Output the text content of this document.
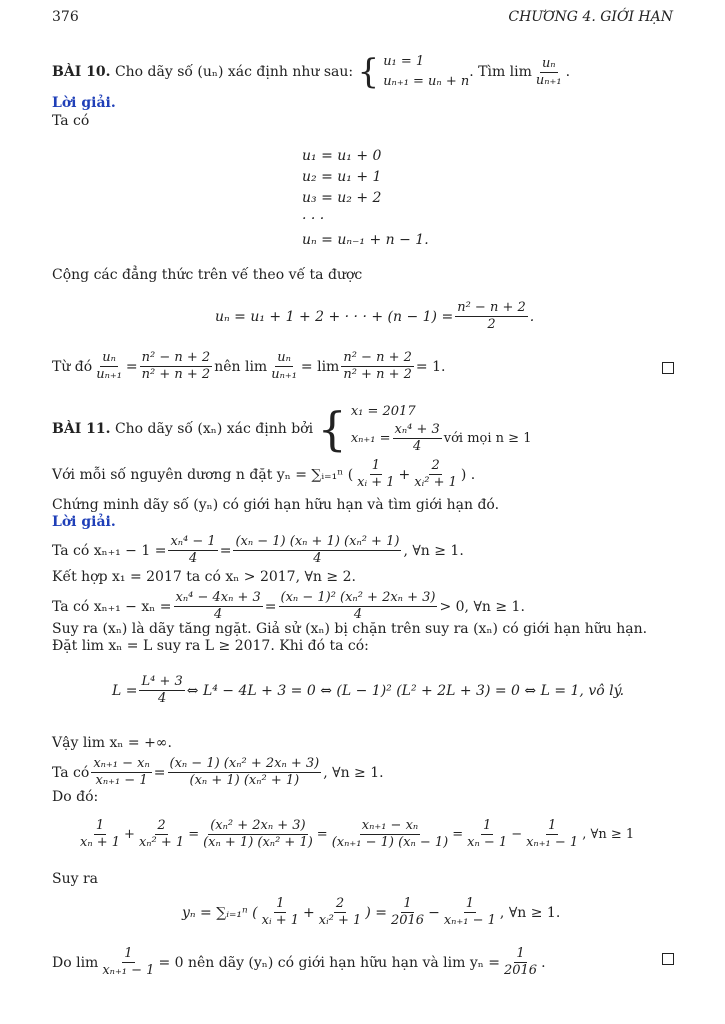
376	CHƯƠNG 4. GIỚI HẠN
BÀI 10.
Cho dãy số (uₙ) xác định như sau:
{ u₁ = 1
uₙ₊₁ = uₙ + n
. Tìm $\lim \frac{\text{uₙ}}{\text{uₙ₊₁}}$ .
Lời giải.
Ta có
u₁ = u₁ + 0
u₂ = u₁ + 1
u₃ = u₂ + 2
· · ·
uₙ = uₙ₋₁ + n − 1.
Cộng các đẳng thức trên vế theo vế ta được
uₙ = u₁ + 1 + 2 + · · · + $(n - 1) = \frac{\text{n² − n + 2}}{2}$ .
Từ đó $\frac{\text{uₙ}}{\text{uₙ₊₁}} = \frac{\text{n² − n + 2}}{\text{n² + n + 2}}$ nên $\lim \frac{\text{uₙ}}{\text{uₙ₊₁}} = \lim \frac{\text{n² − n + 2}}{\text{n² + n + 2}} = 1$.
BÀI 11.
Cho dãy số (xₙ) xác định bởi
{ x₁ = 2017
$x_{n+1} = \frac{\text{xₙ⁴ + 3}}{4}$ với mọi n ≥ 1
Với mỗi số nguyên dương n đặt yₙ = ∑ᵢ₌₁ⁿ ( $\frac{1}{\text{xᵢ + 1}} + \frac{2}{\text{xᵢ² + 1}}$ ) .
Chứng minh dãy số (yₙ) có giới hạn hữu hạn và tìm giới hạn đó.
Lời giải.
Ta có $x_{n+1} - 1 = \frac{\text{xₙ⁴ − 1}}{4} = \frac{\text{(xₙ − 1) (xₙ + 1) (xₙ² + 1)}}{4}$ , ∀n ≥ 1.
Kết hợp x₁ = 2017 ta có xₙ > 2017, ∀n ≥ 2.
Ta có $x_{n+1} - x_n = \frac{\text{xₙ⁴ − 4xₙ + 3}}{4} = \frac{\text{(xₙ − 1)² (xₙ² + 2xₙ + 3)}}{4} > 0$, ∀n ≥ 1.
Suy ra (xₙ) là dãy tăng ngặt. Giả sử (xₙ) bị chặn trên suy ra (xₙ) có giới hạn hữu hạn.
Đặt lim xₙ = L suy ra L ≥ 2017. Khi đó ta có:
$L = \frac{\text{L⁴ + 3}}{4}$ ⇔ L⁴ − 4L + 3 = 0 ⇔ (L − 1)² (L² + 2L + 3) = 0 ⇔ L = 1, vô lý.
Vậy lim xₙ = +∞.
Ta có $\frac{\text{xₙ₊₁ − xₙ}}{\text{xₙ₊₁ − 1}} = \frac{\text{(xₙ − 1) (xₙ² + 2xₙ + 3)}}{\text{(xₙ + 1) (xₙ² + 1)}}$ , ∀n ≥ 1.
Do đó:
$\frac{1}{\text{xₙ + 1}} + \frac{2}{\text{xₙ² + 1}} = \frac{\text{(xₙ² + 2xₙ + 3)}}{\text{(xₙ + 1) (xₙ² + 1)}} = \frac{\text{xₙ₊₁ − xₙ}}{\text{(xₙ₊₁ − 1) (xₙ − 1)}} = \frac{1}{\text{xₙ − 1}} - \frac{1}{\text{xₙ₊₁ − 1}}$ , ∀n ≥ 1
Suy ra
yₙ = ∑ᵢ₌₁ⁿ ( $\frac{1}{\text{xᵢ + 1}} + \frac{2}{\text{xᵢ² + 1}}$ ) = $\frac{1}{2016} - \frac{1}{\text{xₙ₊₁ − 1}}$ , ∀n ≥ 1.
Do $\lim \frac{1}{\text{xₙ₊₁ − 1}} = 0$ nên dãy (yₙ) có giới hạn hữu hạn và $\lim y_n = \frac{1}{2016}$ .
